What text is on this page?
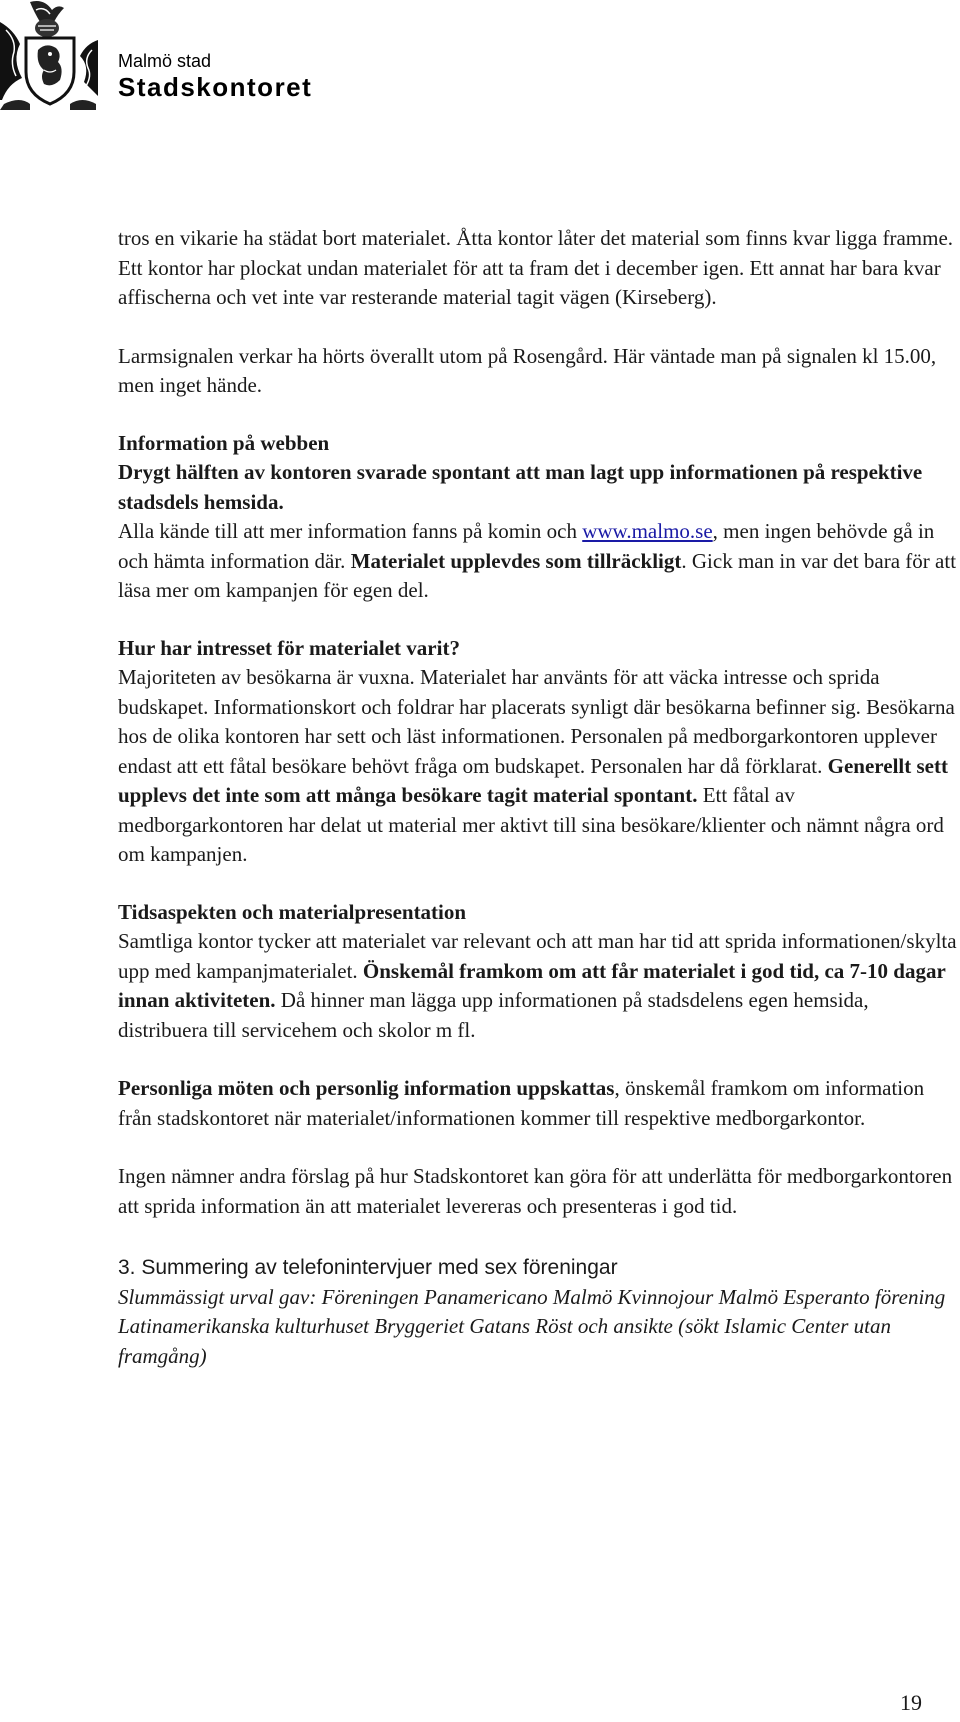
Malmö stad
Stadskontoret

tros en vikarie ha städat bort materialet. Åtta kontor låter det material som finns kvar ligga framme. Ett kontor har plockat undan materialet för att ta fram det i december igen. Ett annat har bara kvar affischerna och vet inte var resterande material tagit vägen (Kirseberg).

Larmsignalen verkar ha hörts överallt utom på Rosengård. Här väntade man på signalen kl 15.00, men inget hände.

Information på webben

Drygt hälften av kontoren svarade spontant att man lagt upp informationen på respektive stadsdels hemsida.

Alla kände till att mer information fanns på komin och www.malmo.se, men ingen behövde gå in och hämta information där. Materialet upplevdes som tillräckligt. Gick man in var det bara för att läsa mer om kampanjen för egen del.

Hur har intresset för materialet varit?

Majoriteten av besökarna är vuxna. Materialet har använts för att väcka intresse och sprida budskapet. Informationskort och foldrar har placerats synligt där besökarna befinner sig. Besökarna hos de olika kontoren har sett och läst informationen. Personalen på medborgarkontoren upplever endast att ett fåtal besökare behövt fråga om budskapet. Personalen har då förklarat. Generellt sett upplevs det inte som att många besökare tagit material spontant. Ett fåtal av medborgarkontoren har delat ut material mer aktivt till sina besökare/klienter och nämnt några ord om kampanjen.

Tidsaspekten och materialpresentation

Samtliga kontor tycker att materialet var relevant och att man har tid att sprida informationen/skylta upp med kampanjmaterialet. Önskemål framkom om att får materialet i god tid, ca 7-10 dagar innan aktiviteten. Då hinner man lägga upp informationen på stadsdelens egen hemsida, distribuera till servicehem och skolor m fl.

Personliga möten och personlig information uppskattas, önskemål framkom om information från stadskontoret när materialet/informationen kommer till respektive medborgarkontor.

Ingen nämner andra förslag på hur Stadskontoret kan göra för att underlätta för medborgarkontoren att sprida information än att materialet levereras och presenteras i god tid.

3. Summering av telefonintervjuer med sex föreningar

Slummässigt urval gav: Föreningen Panamericano Malmö Kvinnojour Malmö Esperanto förening Latinamerikanska kulturhuset Bryggeriet Gatans Röst och ansikte (sökt Islamic Center utan framgång)

19
